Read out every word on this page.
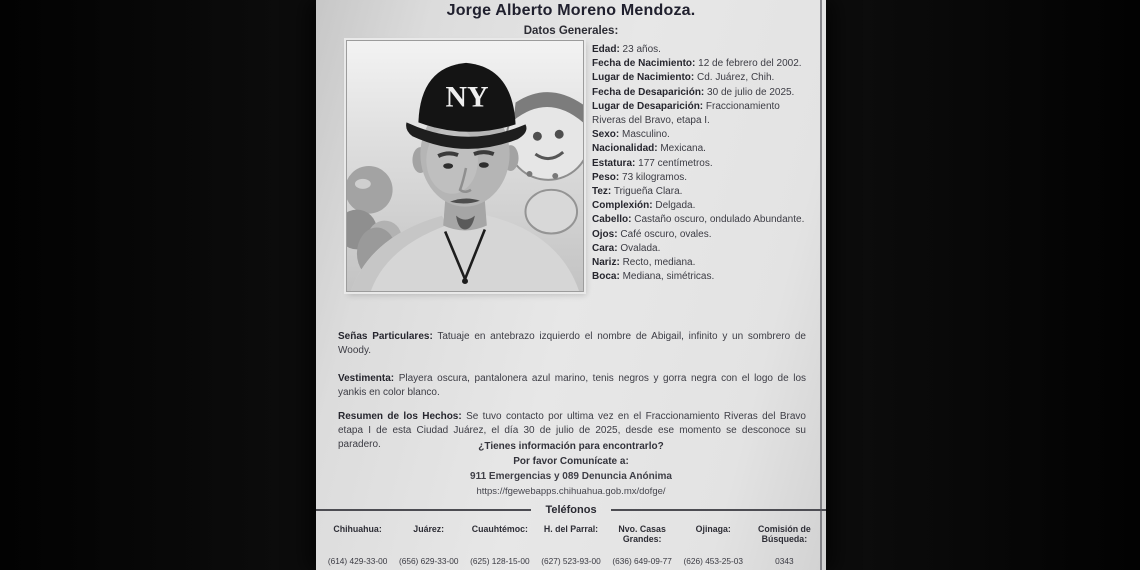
Jorge Alberto Moreno Mendoza.
Datos Generales:
NY
Edad: 23 años.
Fecha de Nacimiento: 12 de febrero del 2002.
Lugar de Nacimiento: Cd. Juárez, Chih.
Fecha de Desaparición: 30 de julio de 2025.
Lugar de Desaparición: Fraccionamiento Riveras del Bravo, etapa I.
Sexo: Masculino.
Nacionalidad: Mexicana.
Estatura: 177 centímetros.
Peso: 73 kilogramos.
Tez: Trigueña Clara.
Complexión: Delgada.
Cabello: Castaño oscuro, ondulado Abundante.
Ojos: Café oscuro, ovales.
Cara: Ovalada.
Nariz: Recto, mediana.
Boca: Mediana, simétricas.
Señas Particulares: Tatuaje en antebrazo izquierdo el nombre de Abigail, infinito y un sombrero de Woody.
Vestimenta: Playera oscura, pantalonera azul marino, tenis negros y gorra negra con el logo de los yankis en color blanco.
Resumen de los Hechos: Se tuvo contacto por ultima vez en el Fraccionamiento Riveras del Bravo etapa I de esta Ciudad Juárez, el día 30 de julio de 2025, desde ese momento se desconoce su paradero.	¿Tienes información para encontrarlo?
Por favor Comunícate a:
911 Emergencias y 089 Denuncia Anónima
https://fgewebapps.chihuahua.gob.mx/dofge/
Teléfonos
Chihuahua:
(614) 429-33-00
Juárez:
(656) 629-33-00
Cuauhtémoc:
(625) 128-15-00
H. del Parral:
(627) 523-93-00
Nvo. Casas Grandes:
(636) 649-09-77
Ojinaga:
(626) 453-25-03
Comisión de Búsqueda:
0343
